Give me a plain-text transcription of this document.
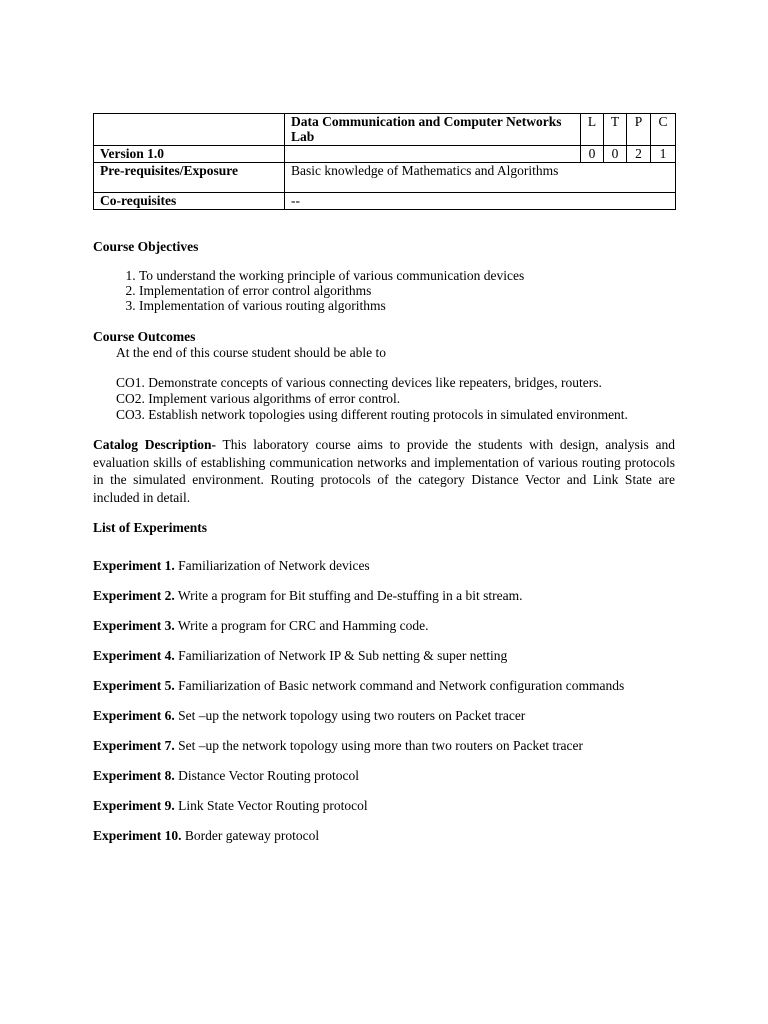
	Data Communication and Computer Networks Lab	L	T	P	C
Version 1.0		0	0	2	1
Pre-requisites/Exposure	Basic knowledge of Mathematics and Algorithms				
Co-requisites	--				

Course Objectives

1. To understand the working principle of various communication devices
2. Implementation of error control algorithms
3. Implementation of various routing algorithms

Course Outcomes

At the end of this course student should be able to
CO1. Demonstrate concepts of various connecting devices like repeaters, bridges, routers.
CO2. Implement various algorithms of error control.
CO3. Establish network topologies using different routing protocols in simulated environment.
Catalog Description- This laboratory course aims to provide the students with design, analysis and evaluation skills of establishing communication networks and implementation of various routing protocols in the simulated environment. Routing protocols of the category Distance Vector and Link State are included in detail.

List of Experiments

Experiment 1. Familiarization of Network devices

Experiment 2. Write a program for Bit stuffing and De-stuffing in a bit stream.

Experiment 3. Write a program for CRC and Hamming code.

Experiment 4. Familiarization of Network IP & Sub netting & super netting

Experiment 5. Familiarization of Basic network command and Network configuration commands

Experiment 6. Set –up the network topology using two routers on Packet tracer

Experiment 7. Set –up the network topology using more than two routers on Packet tracer

Experiment 8. Distance Vector Routing protocol

Experiment 9. Link State Vector Routing protocol

Experiment 10. Border gateway protocol
